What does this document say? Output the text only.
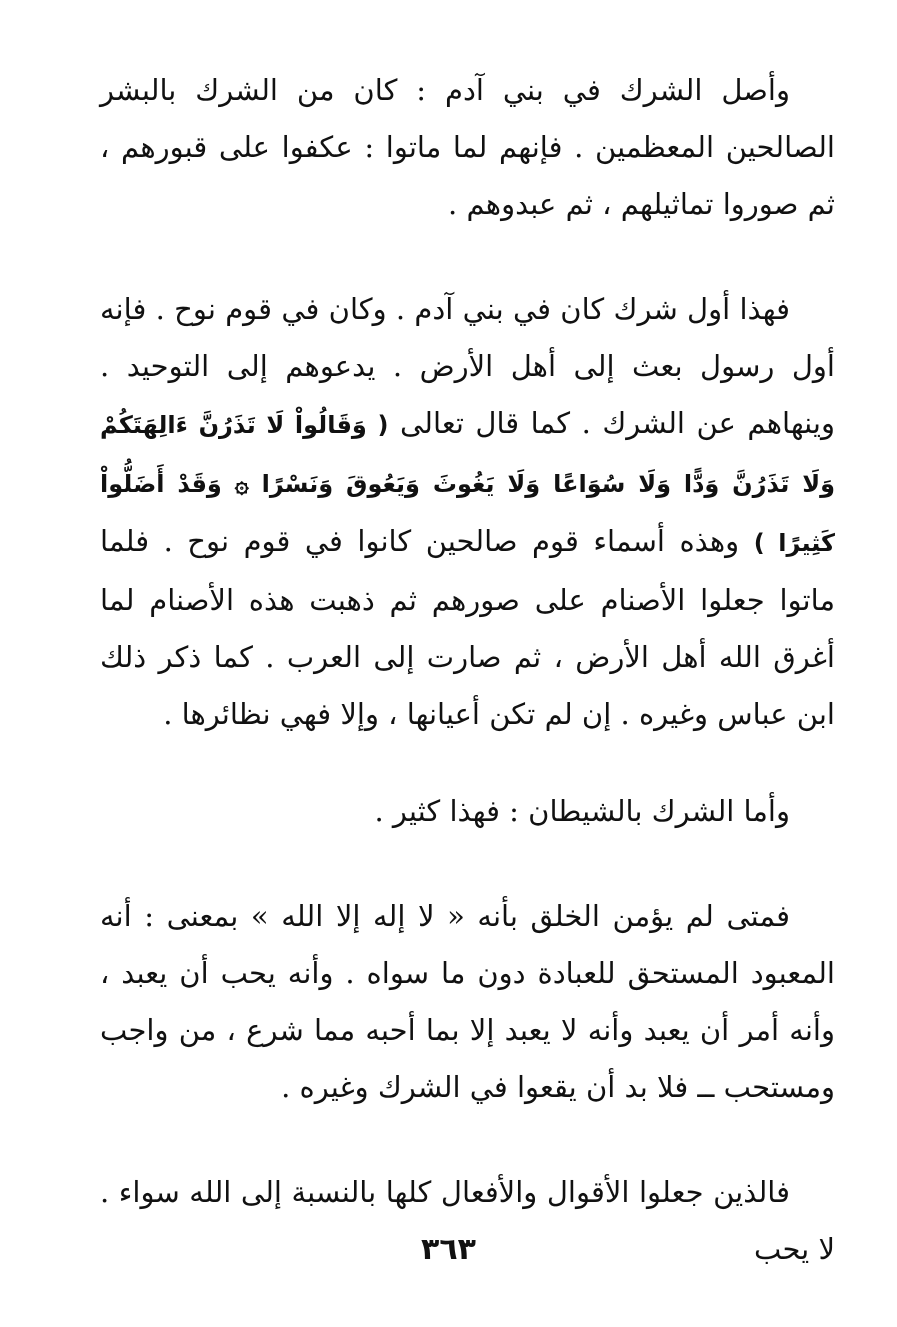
وأصل الشرك في بني آدم : كان من الشرك بالبشر الصالحين المعظمين . فإنهم لما ماتوا : عكفوا على قبورهم ، ثم صوروا تماثيلهم ، ثم عبدوهم .

فهذا أول شرك كان في بني آدم . وكان في قوم نوح . فإنه أول رسول بعث إلى أهل الأرض . يدعوهم إلى التوحيد . وينهاهم عن الشرك . كما قال تعالى ( وَقَالُواْ لَا تَذَرُنَّ ءَالِهَتَكُمْ وَلَا تَذَرُنَّ وَدًّا وَلَا سُوَاعًا وَلَا يَغُوثَ وَيَعُوقَ وَنَسْرًا ۞ وَقَدْ أَضَلُّواْ كَثِيرًا ) وهذه أسماء قوم صالحين كانوا في قوم نوح . فلما ماتوا جعلوا الأصنام على صورهم ثم ذهبت هذه الأصنام لما أغرق الله أهل الأرض ، ثم صارت إلى العرب . كما ذكر ذلك ابن عباس وغيره . إن لم تكن أعيانها ، وإلا فهي نظائرها .

وأما الشرك بالشيطان : فهذا كثير .

فمتى لم يؤمن الخلق بأنه « لا إله إلا الله » بمعنى : أنه المعبود المستحق للعبادة دون ما سواه . وأنه يحب أن يعبد ، وأنه أمر أن يعبد وأنه لا يعبد إلا بما أحبه مما شرع ، من واجب ومستحب ــ فلا بد أن يقعوا في الشرك وغيره .

فالذين جعلوا الأقوال والأفعال كلها بالنسبة إلى الله سواء . لا يحب

٣٦٣
